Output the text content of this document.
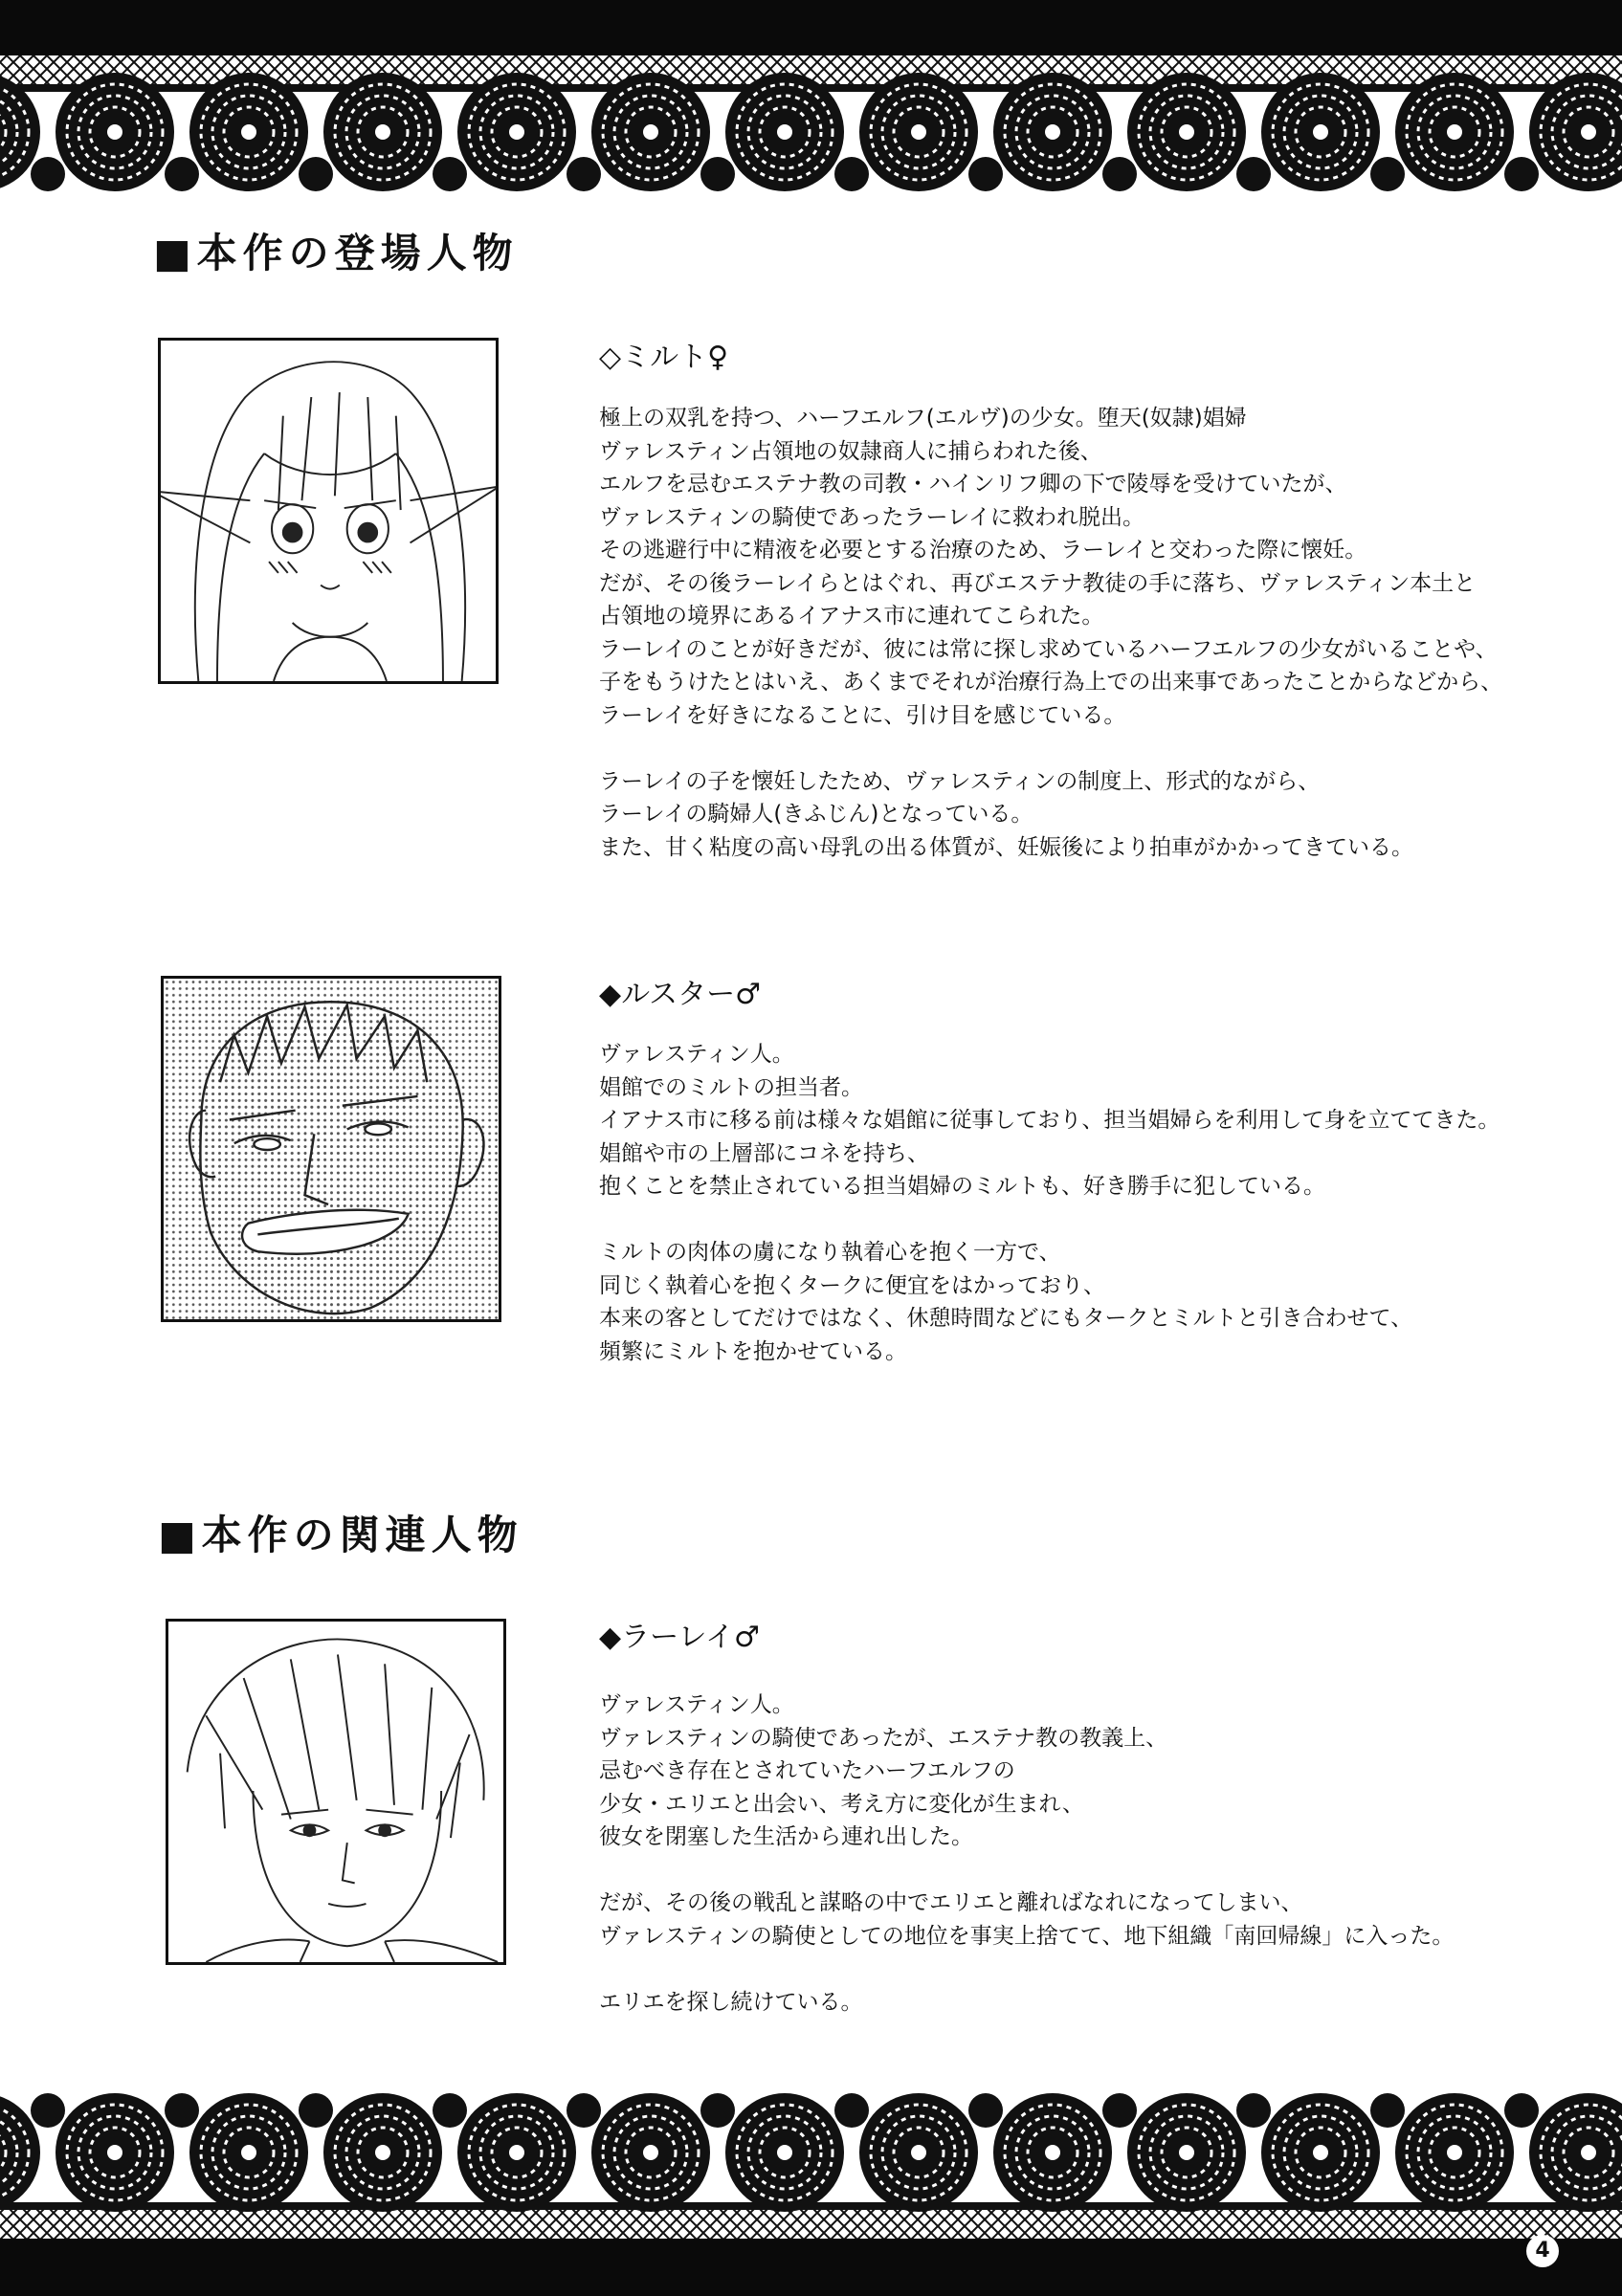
■本作の登場人物
◇ミルト♀

極上の双乳を持つ、ハーフエルフ(エルヴ)の少女。堕天(奴隷)娼婦

ヴァレスティン占領地の奴隷商人に捕らわれた後、

エルフを忌むエステナ教の司教・ハインリフ卿の下で陵辱を受けていたが、

ヴァレスティンの騎使であったラーレイに救われ脱出。

その逃避行中に精液を必要とする治療のため、ラーレイと交わった際に懐妊。

だが、その後ラーレイらとはぐれ、再びエステナ教徒の手に落ち、ヴァレスティン本土と

占領地の境界にあるイアナス市に連れてこられた。

ラーレイのことが好きだが、彼には常に探し求めているハーフエルフの少女がいることや、

子をもうけたとはいえ、あくまでそれが治療行為上での出来事であったことからなどから、

ラーレイを好きになることに、引け目を感じている。

ラーレイの子を懐妊したため、ヴァレスティンの制度上、形式的ながら、

ラーレイの騎婦人(きふじん)となっている。

また、甘く粘度の高い母乳の出る体質が、妊娠後により拍車がかかってきている。

◆ルスター♂

ヴァレスティン人。

娼館でのミルトの担当者。

イアナス市に移る前は様々な娼館に従事しており、担当娼婦らを利用して身を立ててきた。

娼館や市の上層部にコネを持ち、

抱くことを禁止されている担当娼婦のミルトも、好き勝手に犯している。

ミルトの肉体の虜になり執着心を抱く一方で、

同じく執着心を抱くタークに便宜をはかっており、

本来の客としてだけではなく、休憩時間などにもタークとミルトと引き合わせて、

頻繁にミルトを抱かせている。

■本作の関連人物
◆ラーレイ♂

ヴァレスティン人。

ヴァレスティンの騎使であったが、エステナ教の教義上、

忌むべき存在とされていたハーフエルフの

少女・エリエと出会い、考え方に変化が生まれ、

彼女を閉塞した生活から連れ出した。

だが、その後の戦乱と謀略の中でエリエと離ればなれになってしまい、

ヴァレスティンの騎使としての地位を事実上捨てて、地下組織「南回帰線」に入った。

エリエを探し続けている。

4
